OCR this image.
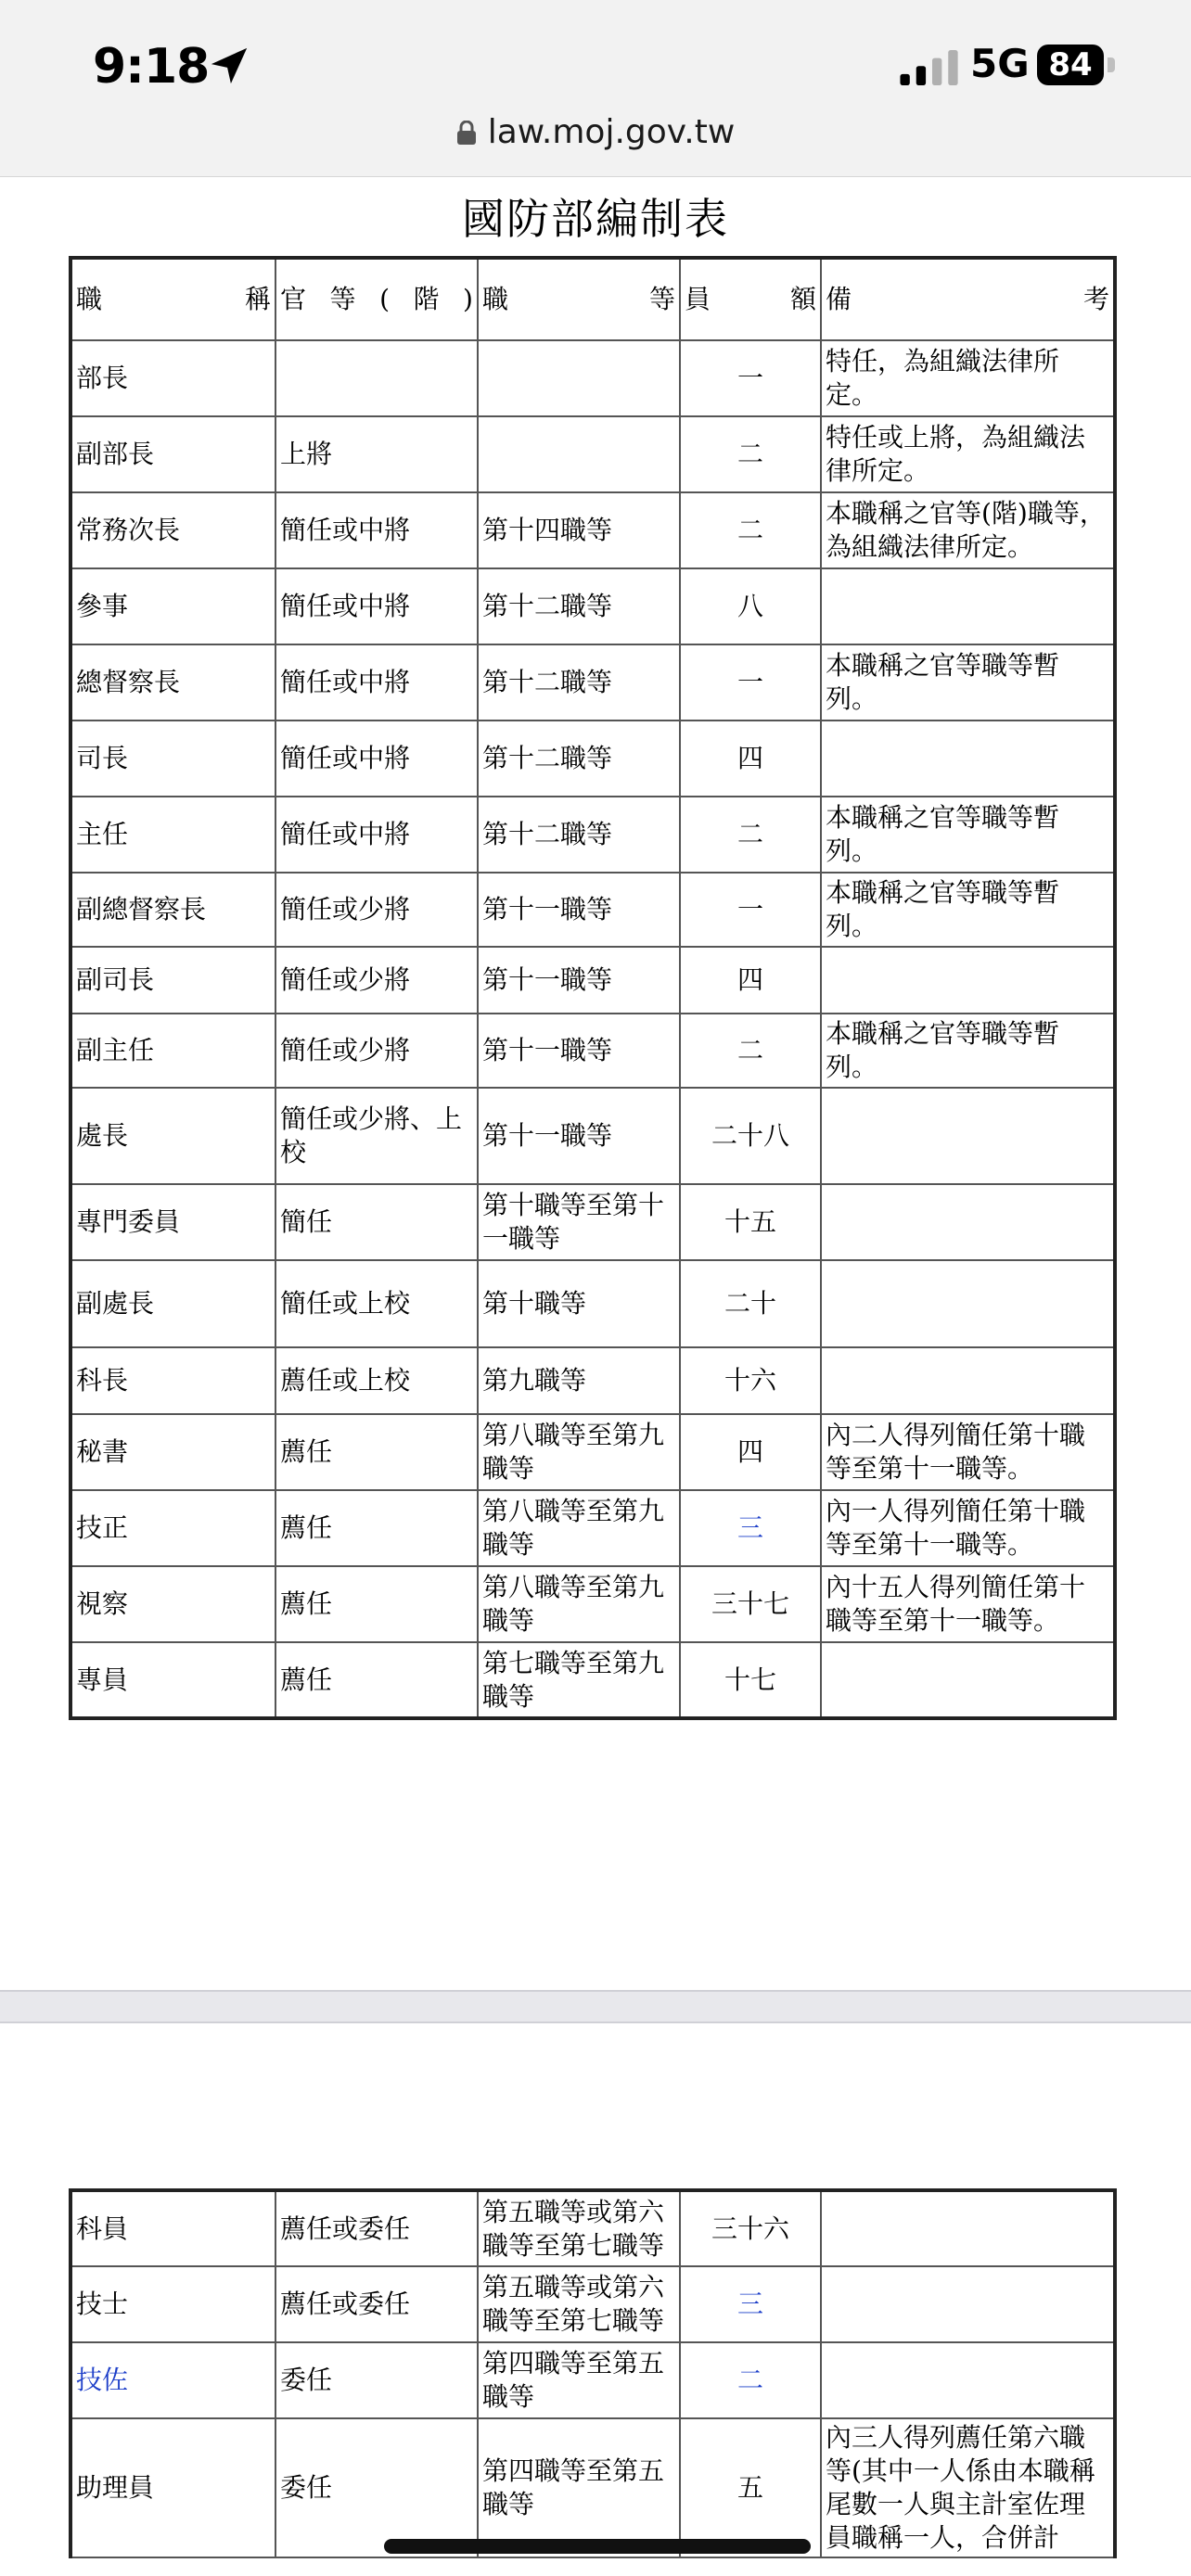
9:18	5G 84
law.moj.gov.tw
國防部編制表
職 稱	官 等 ( 階 )	職 等	員 額	備 考

部長			一	特任，為組織法律所定。
副部長	上將		二	特任或上將，為組織法律所定。
常務次長	簡任或中將	第十四職等	二	本職稱之官等(階)職等，為組織法律所定。
參事	簡任或中將	第十二職等	八	
總督察長	簡任或中將	第十二職等	一	本職稱之官等職等暫列。
司長	簡任或中將	第十二職等	四	
主任	簡任或中將	第十二職等	二	本職稱之官等職等暫列。
副總督察長	簡任或少將	第十一職等	一	本職稱之官等職等暫列。
副司長	簡任或少將	第十一職等	四	
副主任	簡任或少將	第十一職等	二	本職稱之官等職等暫列。
處長	簡任或少將、上校	第十一職等	二十八	
專門委員	簡任	第十職等至第十一職等	十五	
副處長	簡任或上校	第十職等	二十	
科長	薦任或上校	第九職等	十六	
秘書	薦任	第八職等至第九職等	四	內二人得列簡任第十職等至第十一職等。
技正	薦任	第八職等至第九職等	三	內一人得列簡任第十職等至第十一職等。
視察	薦任	第八職等至第九職等	三十七	內十五人得列簡任第十職等至第十一職等。
專員	薦任	第七職等至第九職等	十七	
科員	薦任或委任	第五職等或第六職等至第七職等	三十六	
技士	薦任或委任	第五職等或第六職等至第七職等	三	
技佐	委任	第四職等至第五職等	二	
助理員	委任	第四職等至第五職等	五	內三人得列薦任第六職等(其中一人係由本職稱尾數一人與主計室佐理員職稱一人，合併計
